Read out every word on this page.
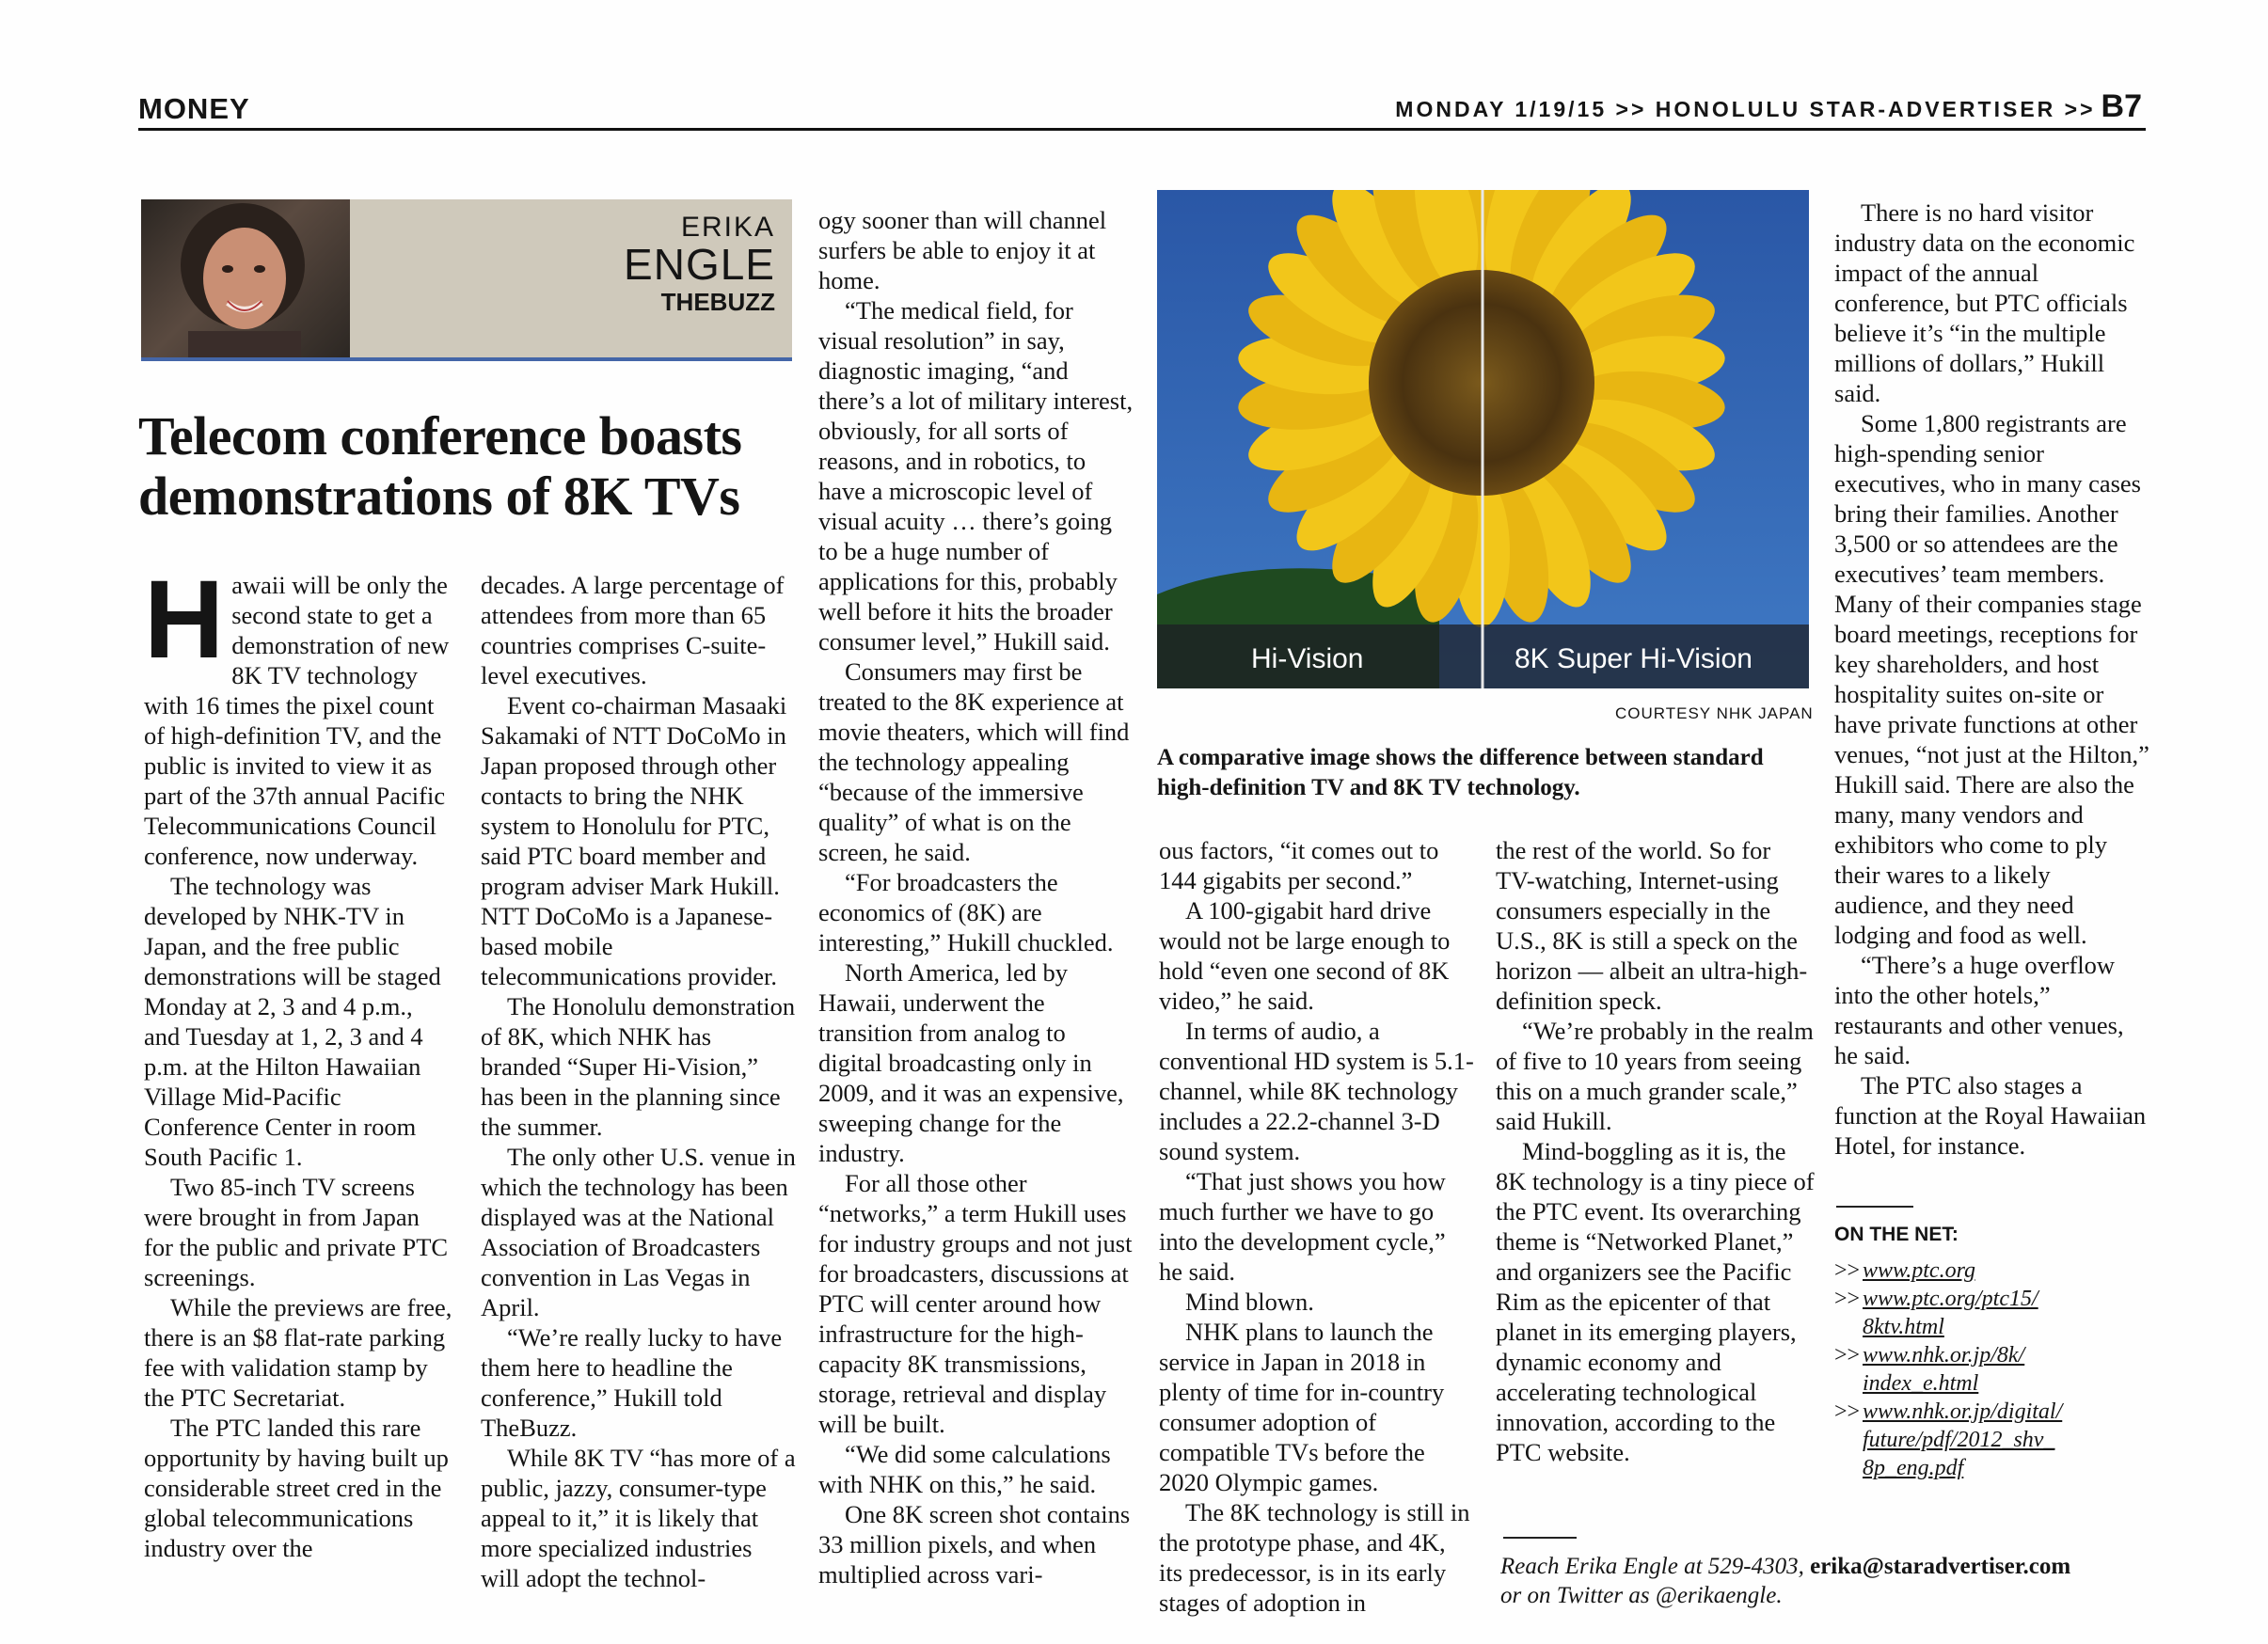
MONEY	MONDAY 1/19/15 >> HONOLULU STAR-ADVERTISER >> B7
ERIKA
ENGLE
THEBUZZ
Telecom conference boasts demonstrations of 8K TVs

Hawaii will be only the second state to get a demonstration of new 8K TV technology with 16 times the pixel count of high-definition TV, and the public is invited to view it as part of the 37th annual Pacific Telecommunications Council conference, now underway.

The technology was developed by NHK-TV in Japan, and the free public demonstrations will be staged Monday at 2, 3 and 4 p.m., and Tuesday at 1, 2, 3 and 4 p.m. at the Hilton Hawaiian Village Mid-Pacific Conference Center in room South Pacific 1.

Two 85-inch TV screens were brought in from Japan for the public and private PTC screenings.

While the previews are free, there is an $8 flat-rate parking fee with validation stamp by the PTC Secretariat.

The PTC landed this rare opportunity by having built up considerable street cred in the global telecommunications industry over the

decades. A large percentage of attendees from more than 65 countries comprises C-suite-level executives.

Event co-chairman Masaaki Sakamaki of NTT DoCoMo in Japan proposed through other contacts to bring the NHK system to Honolulu for PTC, said PTC board member and program adviser Mark Hukill. NTT DoCoMo is a Japanese-based mobile telecommunications provider.

The Honolulu demonstration of 8K, which NHK has branded “Super Hi-Vision,” has been in the planning since the summer.

The only other U.S. venue in which the technology has been displayed was at the National Association of Broadcasters convention in Las Vegas in April.

“We’re really lucky to have them here to headline the conference,” Hukill told TheBuzz.

While 8K TV “has more of a public, jazzy, consumer-type appeal to it,” it is likely that more specialized industries will adopt the technol-

ogy sooner than will channel surfers be able to enjoy it at home.

“The medical field, for visual resolution” in say, diagnostic imaging, “and there’s a lot of military interest, obviously, for all sorts of reasons, and in robotics, to have a microscopic level of visual acuity … there’s going to be a huge number of applications for this, probably well before it hits the broader consumer level,” Hukill said.

Consumers may first be treated to the 8K experience at movie theaters, which will find the technology appealing “because of the immersive quality” of what is on the screen, he said.

“For broadcasters the economics of (8K) are interesting,” Hukill chuckled.

North America, led by Hawaii, underwent the transition from analog to digital broadcasting only in 2009, and it was an expensive, sweeping change for the industry.

For all those other “networks,” a term Hukill uses for industry groups and not just for broadcasters, discussions at PTC will center around how infrastructure for the high-capacity 8K transmissions, storage, retrieval and display will be built.

“We did some calculations with NHK on this,” he said.

One 8K screen shot contains 33 million pixels, and when multiplied across vari-

Hi-Vision	8K Super Hi-Vision
COURTESY NHK JAPAN
A comparative image shows the difference between standard high-definition TV and 8K TV technology.

ous factors, “it comes out to 144 gigabits per second.”

A 100-gigabit hard drive would not be large enough to hold “even one second of 8K video,” he said.

In terms of audio, a conventional HD system is 5.1-channel, while 8K technology includes a 22.2-channel 3-D sound system.

“That just shows you how much further we have to go into the development cycle,” he said.

Mind blown.

NHK plans to launch the service in Japan in 2018 in plenty of time for in-country consumer adoption of compatible TVs before the 2020 Olympic games.

The 8K technology is still in the prototype phase, and 4K, its predecessor, is in its early stages of adoption in

the rest of the world. So for TV-watching, Internet-using consumers especially in the U.S., 8K is still a speck on the horizon — albeit an ultra-high-definition speck.

“We’re probably in the realm of five to 10 years from seeing this on a much grander scale,” said Hukill.

Mind-boggling as it is, the 8K technology is a tiny piece of the PTC event. Its overarching theme is “Networked Planet,” and organizers see the Pacific Rim as the epicenter of that planet in its emerging players, dynamic economy and accelerating technological innovation, according to the PTC website.

There is no hard visitor industry data on the economic impact of the annual conference, but PTC officials believe it’s “in the multiple millions of dollars,” Hukill said.

Some 1,800 registrants are high-spending senior executives, who in many cases bring their families. Another 3,500 or so attendees are the executives’ team members. Many of their companies stage board meetings, receptions for key shareholders, and host hospitality suites on-site or have private functions at other venues, “not just at the Hilton,” Hukill said. There are also the many, many vendors and exhibitors who come to ply their wares to a likely audience, and they need lodging and food as well.

“There’s a huge overflow into the other hotels,” restaurants and other venues, he said.

The PTC also stages a function at the Royal Hawaiian Hotel, for instance.

ON THE NET:
>> www.ptc.org
>> www.ptc.org/ptc15/ 8ktv.html
>> www.nhk.or.jp/8k/ index_e.html
>> www.nhk.or.jp/digital/ future/pdf/2012_shv_ 8p_eng.pdf
Reach Erika Engle at 529-4303, erika@staradvertiser.com
or on Twitter as @erikaengle.
